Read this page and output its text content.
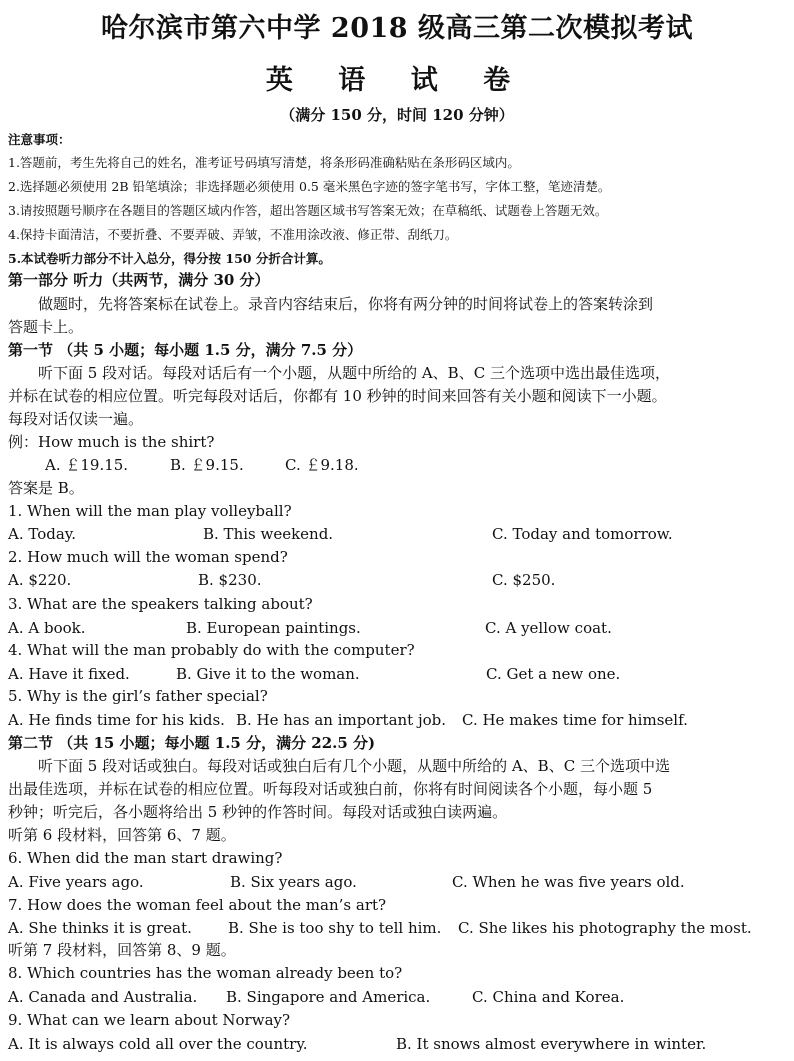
哈尔滨市第六中学 2018 级高三第二次模拟考试
英 语 试 卷
（满分 150 分，时间 120 分钟）
注意事项：
1.答题前，考生先将自己的姓名，准考证号码填写清楚，将条形码准确粘贴在条形码区域内。
2.选择题必须使用 2B 铅笔填涂；非选择题必须使用 0.5 毫米黑色字迹的签字笔书写，字体工整，笔迹清楚。
3.请按照题号顺序在各题目的答题区域内作答，超出答题区域书写答案无效；在草稿纸、试题卷上答题无效。
4.保持卡面清洁，不要折叠、不要弄破、弄皱，不准用涂改液、修正带、刮纸刀。
5.本试卷听力部分不计入总分，得分按 150 分折合计算。
第一部分 听力（共两节，满分 30 分）
做题时，先将答案标在试卷上。录音内容结束后，你将有两分钟的时间将试卷上的答案转涂到
答题卡上。
第一节 （共 5 小题；每小题 1.5 分，满分 7.5 分）
听下面 5 段对话。每段对话后有一个小题，从题中所给的 A、B、C 三个选项中选出最佳选项，
并标在试卷的相应位置。听完每段对话后，你都有 10 秒钟的时间来回答有关小题和阅读下一小题。
每段对话仅读一遍。
例：How much is the shirt?
A. ￡19.15.	B. ￡9.15.	C. ￡9.18.
答案是 B。
1. When will the man play volleyball?
A. Today.	B. This weekend.	C. Today and tomorrow.
2. How much will the woman spend?
A. $220.	B. $230.	C. $250.
3. What are the speakers talking about?
A. A book.	B. European paintings.	C. A yellow coat.
4. What will the man probably do with the computer?
A. Have it fixed.	B. Give it to the woman.	C. Get a new one.
5. Why is the girl’s father special?
A. He finds time for his kids. B. He has an important job. C. He makes time for himself.
第二节 （共 15 小题；每小题 1.5 分，满分 22.5 分)
听下面 5 段对话或独白。每段对话或独白后有几个小题，从题中所给的 A、B、C 三个选项中选
出最佳选项，并标在试卷的相应位置。听每段对话或独白前，你将有时间阅读各个小题，每小题 5
秒钟；听完后，各小题将给出 5 秒钟的作答时间。每段对话或独白读两遍。
听第 6 段材料，回答第 6、7 题。
6. When did the man start drawing?
A. Five years ago.	B. Six years ago.	C. When he was five years old.
7. How does the woman feel about the man’s art?
A. She thinks it is great. B. She is too shy to tell him. C. She likes his photography the most.
听第 7 段材料，回答第 8、9 题。
8. Which countries has the woman already been to?
A. Canada and Australia. B. Singapore and America.	C. China and Korea.
9. What can we learn about Norway?
A. It is always cold all over the country.	B. It snows almost everywhere in winter.
